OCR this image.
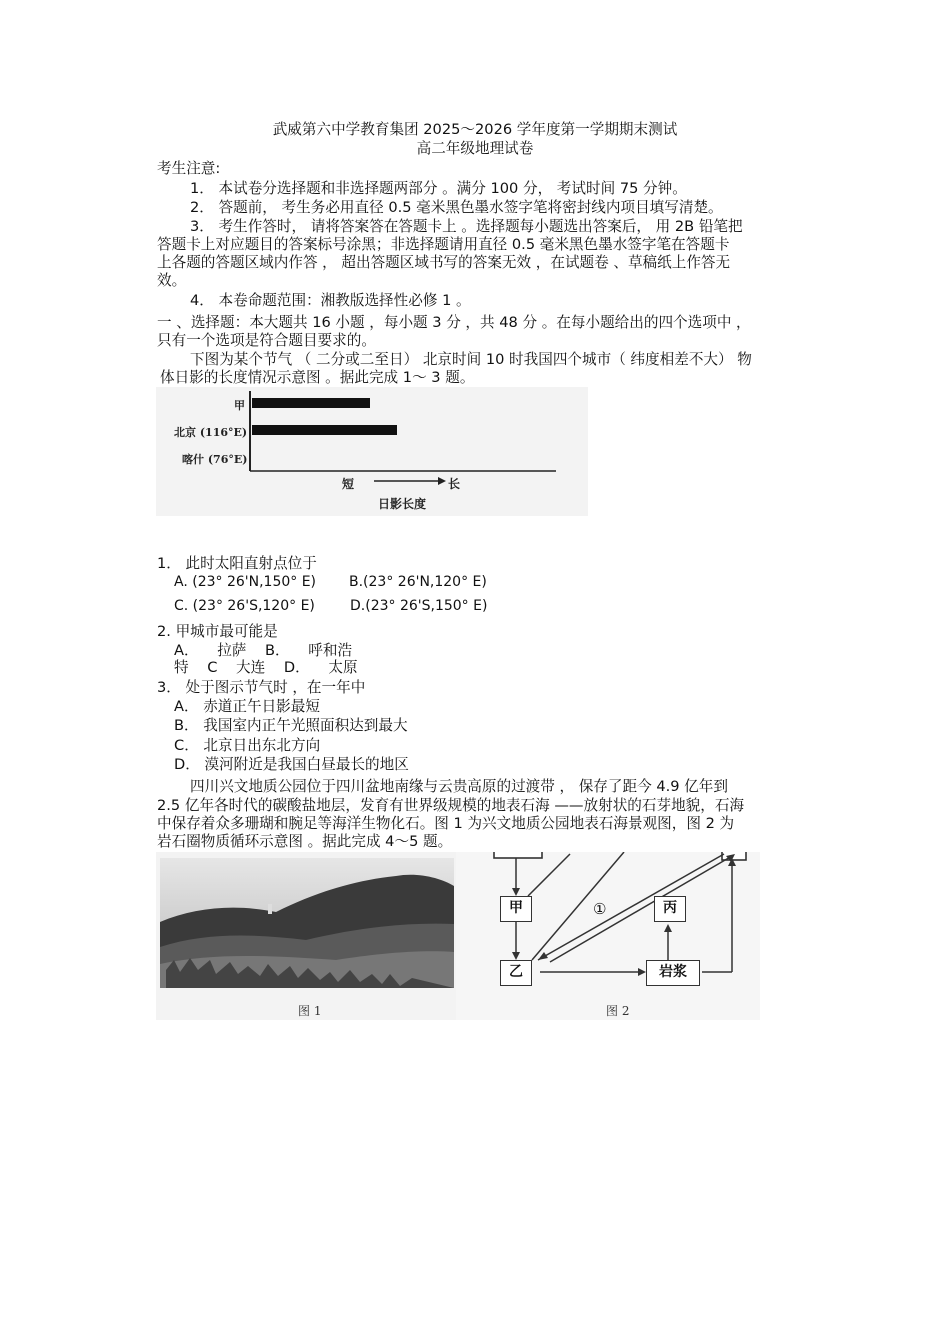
武威第六中学教育集团 2025～2026 学年度第一学期期末测试
高二年级地理试卷
考生注意:
1． 本试卷分选择题和非选择题两部分 。满分 100 分， 考试时间 75 分钟。
2． 答题前， 考生务必用直径 0.5 毫米黑色墨水签字笔将密封线内项目填写清楚。
3． 考生作答时， 请将答案答在答题卡上 。选择题每小题选出答案后， 用 2B 铅笔把
答题卡上对应题目的答案标号涂黑；非选择题请用直径 0.5 毫米黑色墨水签字笔在答题卡
上各题的答题区域内作答 ， 超出答题区域书写的答案无效 ，在试题卷 、草稿纸上作答无
效。
4． 本卷命题范围：湘教版选择性必修 1 。
一 、选择题：本大题共 16 小题 ，每小题 3 分 ，共 48 分 。在每小题给出的四个选项中 ，
只有一个选项是符合题目要求的。
下图为某个节气 （ 二分或二至日） 北京时间 10 时我国四个城市（ 纬度相差不大） 物
体日影的长度情况示意图 。据此完成 1～ 3 题。
甲
北京 (116°E)
喀什 (76°E)
短	长
日影长度
1． 此时太阳直射点位于
A. (23° 26'N,150° E) B.(23° 26'N,120° E)
C. (23° 26'S,120° E)	D.(23° 26'S,150° E)
2. 甲城市最可能是
A． 拉萨 B． 呼和浩
特 C 大连 D． 太原
3． 处于图示节气时 ，在一年中
A． 赤道正午日影最短
B． 我国室内正午光照面积达到最大
C． 北京日出东北方向
D． 漠河附近是我国白昼最长的地区
四川兴文地质公园位于四川盆地南缘与云贵高原的过渡带 ， 保存了距今 4.9 亿年到
2.5 亿年各时代的碳酸盐地层，发育有世界级规模的地表石海 ——放射状的石芽地貌，石海
中保存着众多珊瑚和腕足等海洋生物化石。图 1 为兴文地质公园地表石海景观图，图 2 为
岩石圈物质循环示意图 。据此完成 4～5 题。
图 1
甲
乙
丙
岩浆
①
图 2
